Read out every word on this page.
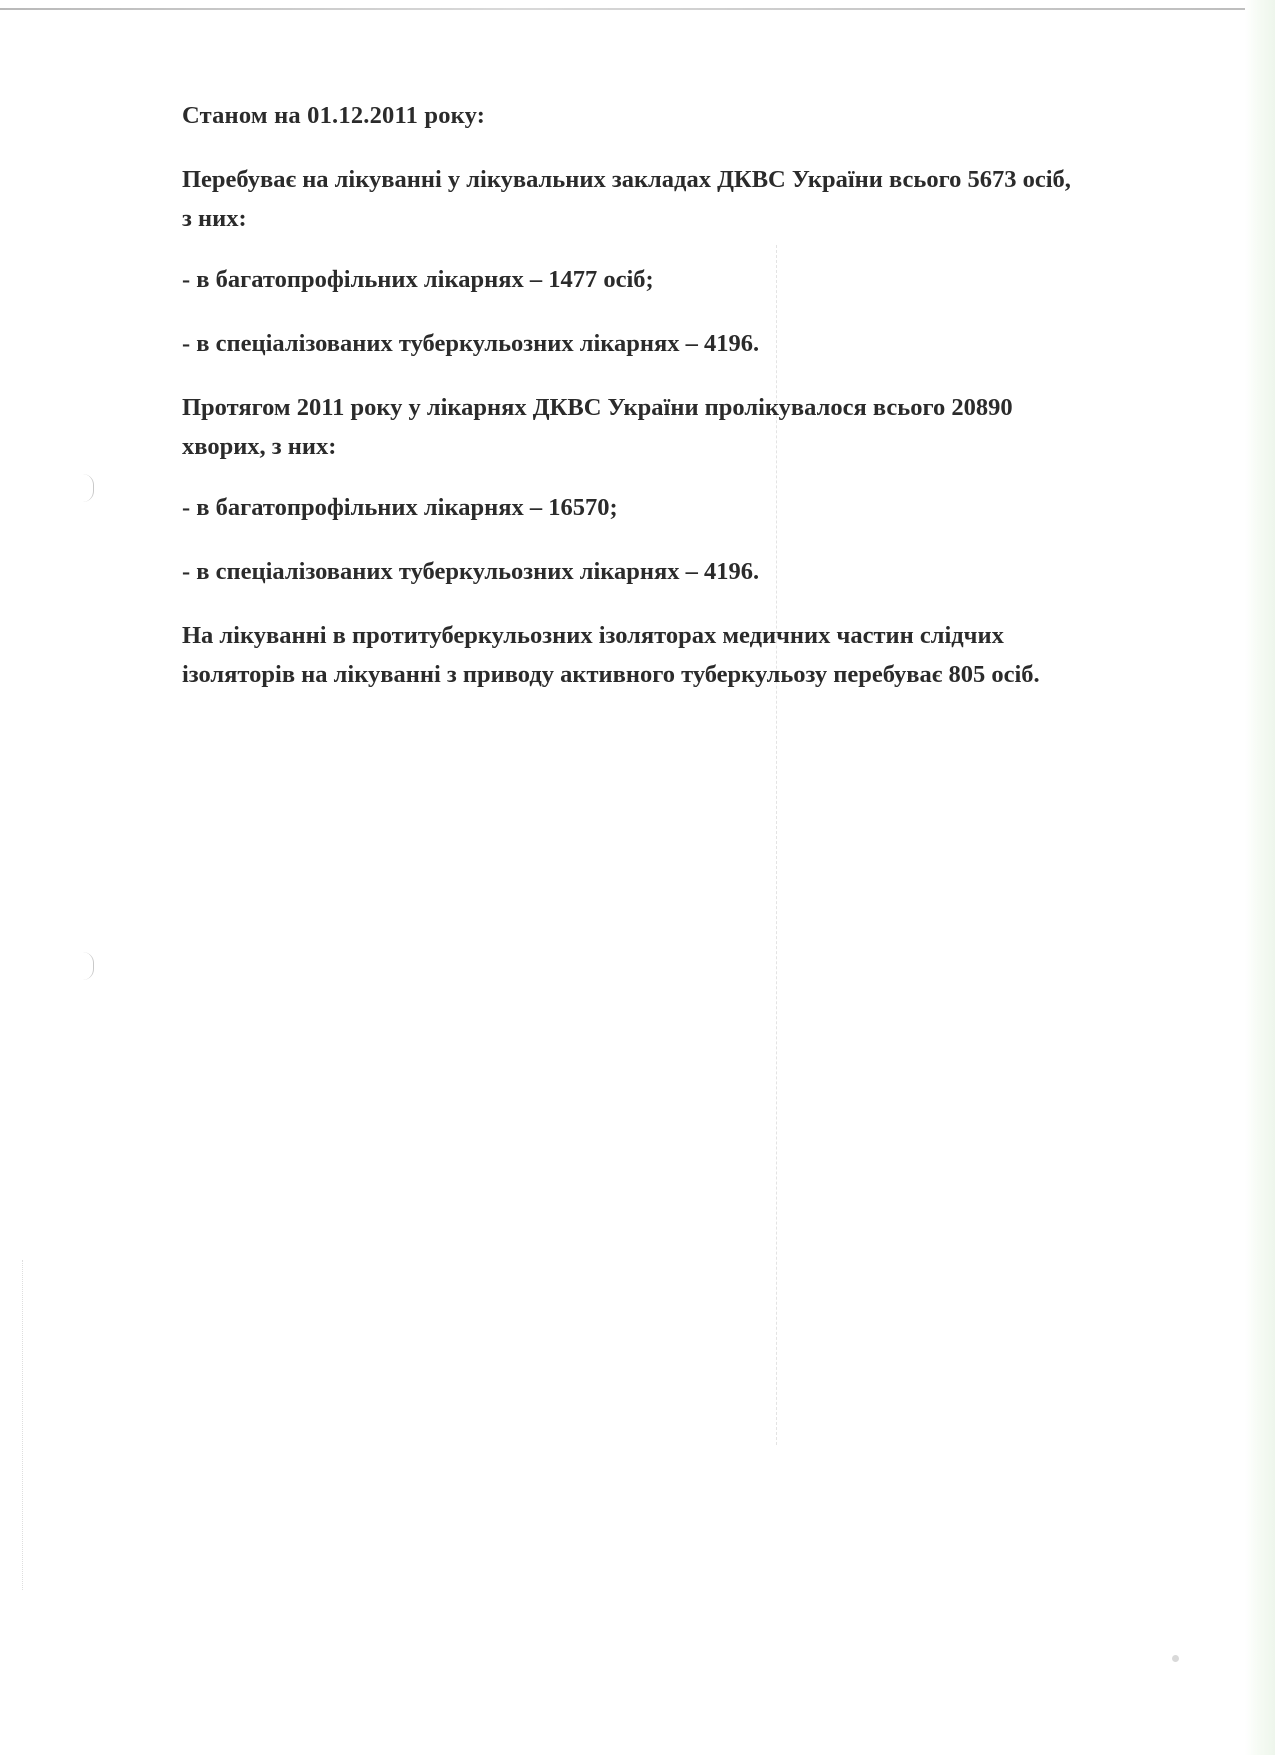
Станом на 01.12.2011 року:

Перебуває на лікуванні у лікувальних закладах ДКВС України всього 5673 осіб, з них:

- в багатопрофільних лікарнях – 1477 осіб;

- в спеціалізованих туберкульозних лікарнях – 4196.

Протягом 2011 року у лікарнях ДКВС України пролікувалося всього 20890 хворих, з них:

- в багатопрофільних лікарнях – 16570;

- в спеціалізованих туберкульозних лікарнях – 4196.

На лікуванні в протитуберкульозних ізоляторах медичних частин слідчих ізоляторів на лікуванні з приводу активного туберкульозу перебуває 805 осіб.
